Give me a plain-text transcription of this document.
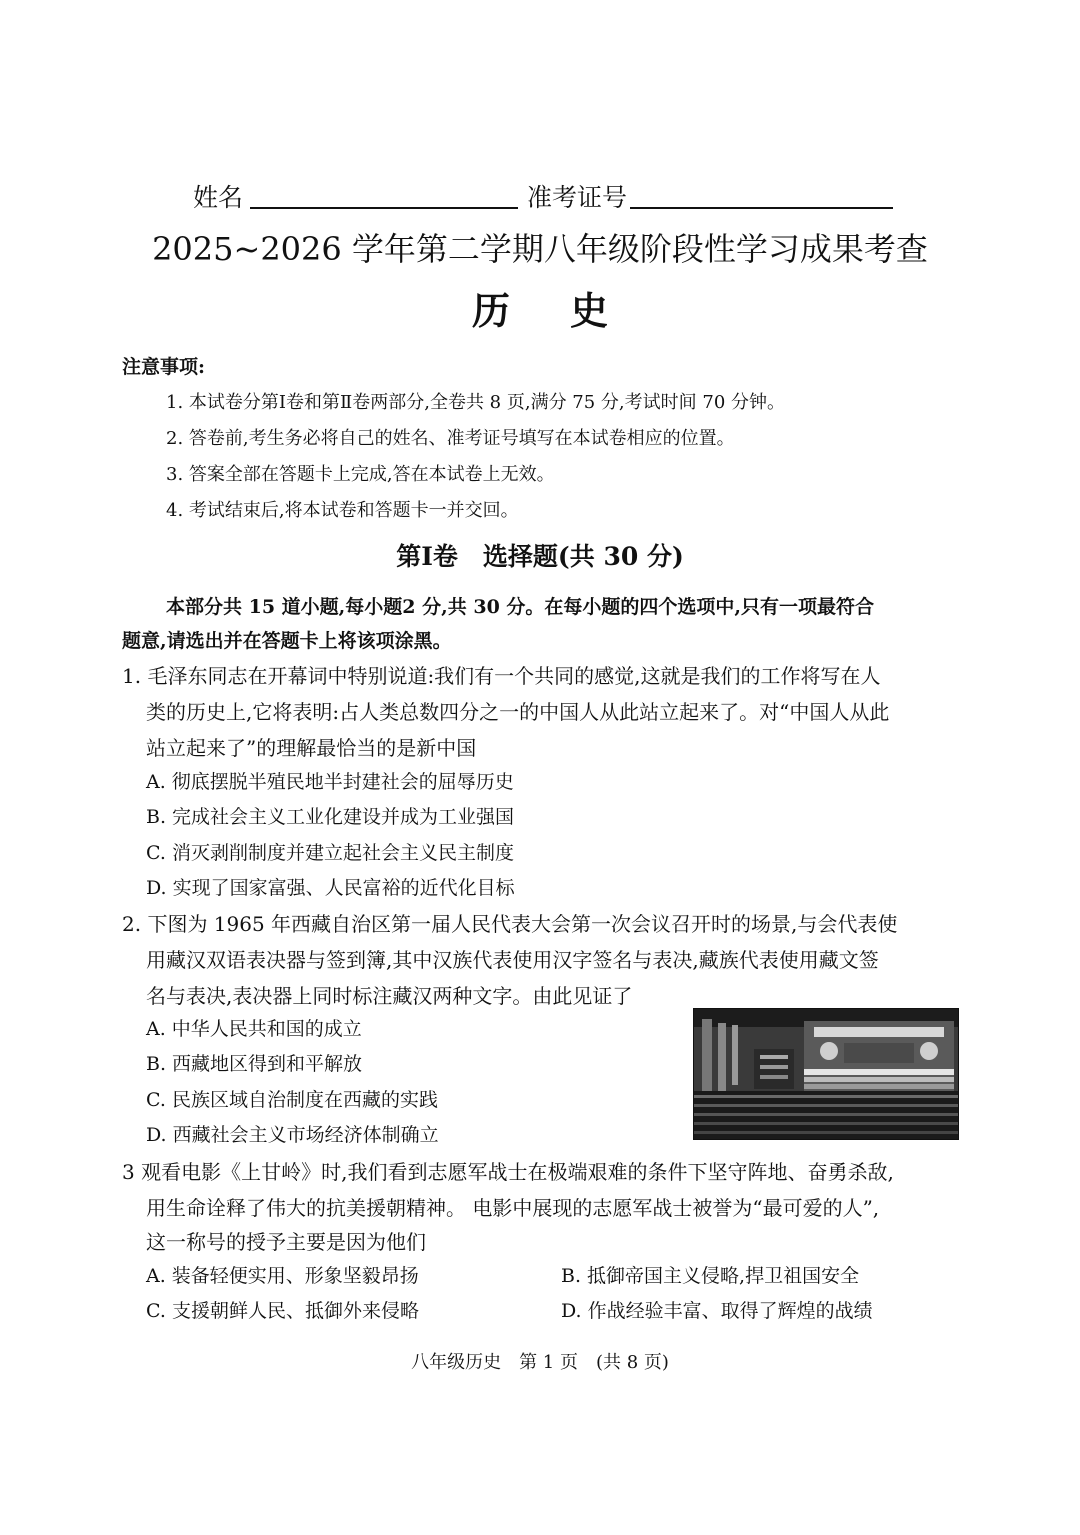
姓名	准考证号
2025~2026 学年第二学期八年级阶段性学习成果考查
历史
注意事项:
1. 本试卷分第Ⅰ卷和第Ⅱ卷两部分,全卷共 8 页,满分 75 分,考试时间 70 分钟。
2. 答卷前,考生务必将自己的姓名、准考证号填写在本试卷相应的位置。
3. 答案全部在答题卡上完成,答在本试卷上无效。
4. 考试结束后,将本试卷和答题卡一并交回。
第Ⅰ卷　选择题(共 30 分)
本部分共 15 道小题,每小题2 分,共 30 分。在每小题的四个选项中,只有一项最符合
题意,请选出并在答题卡上将该项涂黑。
1. 毛泽东同志在开幕词中特别说道:我们有一个共同的感觉,这就是我们的工作将写在人
类的历史上,它将表明:占人类总数四分之一的中国人从此站立起来了。对“中国人从此
站立起来了”的理解最恰当的是新中国
A. 彻底摆脱半殖民地半封建社会的屈辱历史
B. 完成社会主义工业化建设并成为工业强国
C. 消灭剥削制度并建立起社会主义民主制度
D. 实现了国家富强、人民富裕的近代化目标
2. 下图为 1965 年西藏自治区第一届人民代表大会第一次会议召开时的场景,与会代表使
用藏汉双语表决器与签到簿,其中汉族代表使用汉字签名与表决,藏族代表使用藏文签
名与表决,表决器上同时标注藏汉两种文字。由此见证了
A. 中华人民共和国的成立
B. 西藏地区得到和平解放
C. 民族区域自治制度在西藏的实践
D. 西藏社会主义市场经济体制确立
3 观看电影《上甘岭》时,我们看到志愿军战士在极端艰难的条件下坚守阵地、奋勇杀敌,
用生命诠释了伟大的抗美援朝精神。 电影中展现的志愿军战士被誉为“最可爱的人”,
这一称号的授予主要是因为他们
A. 装备轻便实用、形象坚毅昂扬	B. 抵御帝国主义侵略,捍卫祖国安全
C. 支援朝鲜人民、抵御外来侵略	D. 作战经验丰富、取得了辉煌的战绩
八年级历史　第 1 页　(共 8 页)
